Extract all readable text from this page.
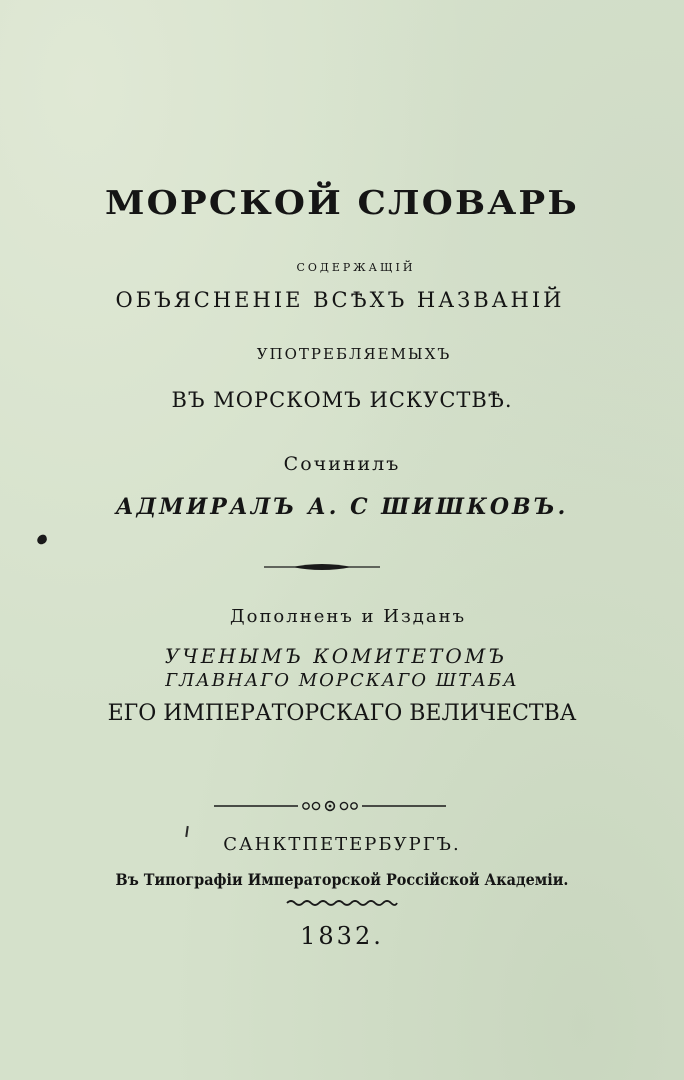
МОРСКОЙ СЛОВАРЬ
содержащій
ОБЪЯСНЕНІЕ ВСѢХЪ НАЗВАНІЙ
УПОТРЕБЛЯЕМЫХЪ
ВЪ МОРСКОМЪ ИСКУСТВѢ.
Сочинилъ
АДМИРАЛЪ А. С ШИШКОВЪ.
Дополненъ и Изданъ
УЧЕНЫМЪ КОМИТЕТОМЪ
ГЛАВНАГО МОРСКАГО ШТАБА
ЕГО ИМПЕРАТОРСКАГО ВЕЛИЧЕСТВА
САНКТПЕТЕРБУРГЪ.
Въ Типографіи Императорской Россійской Академіи.
1832.
